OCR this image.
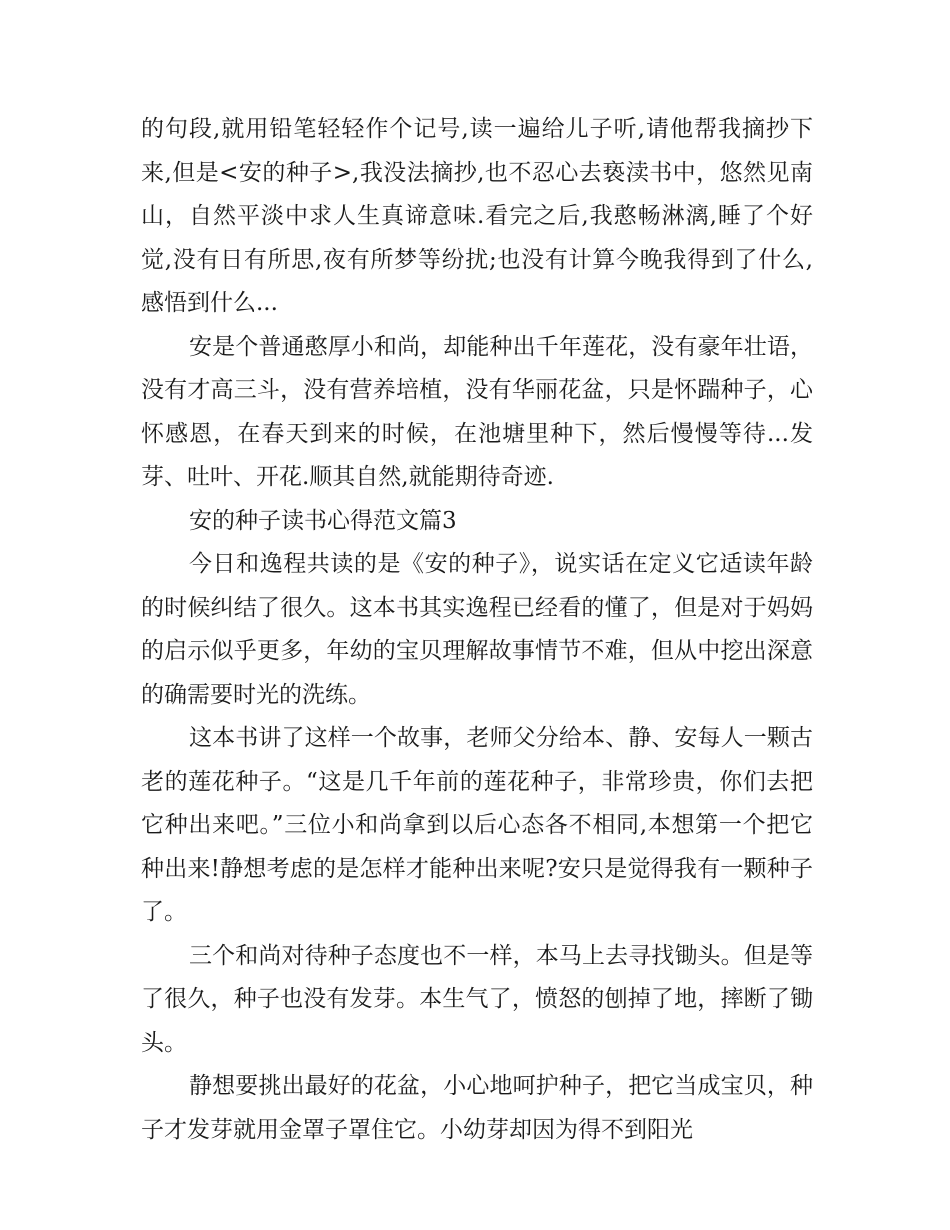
的句段,就用铅笔轻轻作个记号,读一遍给儿子听,请他帮我摘抄下来,但是<安的种子>,我没法摘抄,也不忍心去亵渎书中，悠然见南山，自然平淡中求人生真谛意味.看完之后,我憨畅淋漓,睡了个好觉,没有日有所思,夜有所梦等纷扰;也没有计算今晚我得到了什么,感悟到什么...

安是个普通憨厚小和尚，却能种出千年莲花，没有豪年壮语，没有才高三斗，没有营养培植，没有华丽花盆，只是怀踹种子，心怀感恩，在春天到来的时候，在池塘里种下，然后慢慢等待...发芽、吐叶、开花.顺其自然,就能期待奇迹.

安的种子读书心得范文篇3

今日和逸程共读的是《安的种子》，说实话在定义它适读年龄的时候纠结了很久。这本书其实逸程已经看的懂了，但是对于妈妈的启示似乎更多，年幼的宝贝理解故事情节不难，但从中挖出深意的确需要时光的洗练。

这本书讲了这样一个故事，老师父分给本、静、安每人一颗古老的莲花种子。“这是几千年前的莲花种子，非常珍贵，你们去把它种出来吧。”三位小和尚拿到以后心态各不相同,本想第一个把它种出来!静想考虑的是怎样才能种出来呢?安只是觉得我有一颗种子了。

三个和尚对待种子态度也不一样，本马上去寻找锄头。但是等了很久，种子也没有发芽。本生气了，愤怒的刨掉了地，摔断了锄头。

静想要挑出最好的花盆，小心地呵护种子，把它当成宝贝，种子才发芽就用金罩子罩住它。小幼芽却因为得不到阳光
